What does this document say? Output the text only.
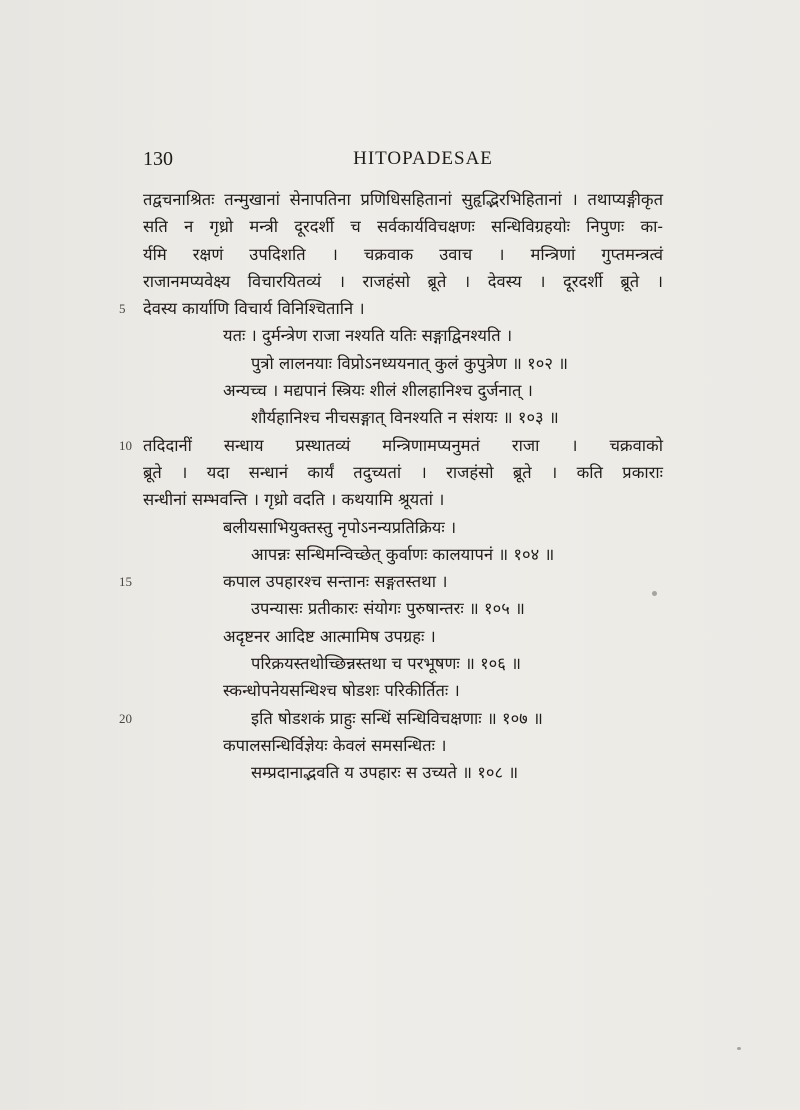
130	HITOPADESAE
तद्वचनाश्रितः तन्मुखानां सेनापतिना प्रणिधिसहितानां सुहृद्भिरभिहितानां । तथाप्यङ्गीकृत
सति न गृध्रो मन्त्री दूरदर्शी च सर्वकार्यविचक्षणः सन्धिविग्रहयोः निपुणः का-
र्यमि रक्षणं उपदिशति । चक्रवाक उवाच । मन्त्रिणां गुप्तमन्त्रत्वं
राजानमप्यवेक्ष्य विचारयितव्यं । राजहंसो ब्रूते । देवस्य । दूरदर्शी ब्रूते ।
5 देवस्य कार्याणि विचार्य विनिश्चितानि ।
यतः । दुर्मन्त्रेण राजा नश्यति यतिः सङ्गाद्विनश्यति ।
पुत्रो लालनयाः विप्रोऽनध्ययनात् कुलं कुपुत्रेण ॥ १०२ ॥
अन्यच्च । मद्यपानं स्त्रियः शीलं शीलहानिश्च दुर्जनात् ।
शौर्यहानिश्च नीचसङ्गात् विनश्यति न संशयः ॥ १०३ ॥
10 तदिदानीं सन्धाय प्रस्थातव्यं मन्त्रिणामप्यनुमतं राजा । चक्रवाको
ब्रूते । यदा सन्धानं कार्यं तदुच्यतां । राजहंसो ब्रूते । कति प्रकाराः
सन्धीनां सम्भवन्ति । गृध्रो वदति । कथयामि श्रूयतां ।
बलीयसाभियुक्तस्तु नृपोऽनन्यप्रतिक्रियः ।
आपन्नः सन्धिमन्विच्छेत् कुर्वाणः कालयापनं ॥ १०४ ॥
15	कपाल उपहारश्च सन्तानः सङ्गतस्तथा ।
उपन्यासः प्रतीकारः संयोगः पुरुषान्तरः ॥ १०५ ॥
अदृष्टनर आदिष्ट आत्मामिष उपग्रहः ।
परिक्रयस्तथोच्छिन्नस्तथा च परभूषणः ॥ १०६ ॥
स्कन्धोपनेयसन्धिश्च षोडशः परिकीर्तितः ।
20	इति षोडशकं प्राहुः सन्धिं सन्धिविचक्षणाः ॥ १०७ ॥
कपालसन्धिर्विज्ञेयः केवलं समसन्धितः ।
सम्प्रदानाद्भवति य उपहारः स उच्यते ॥ १०८ ॥
